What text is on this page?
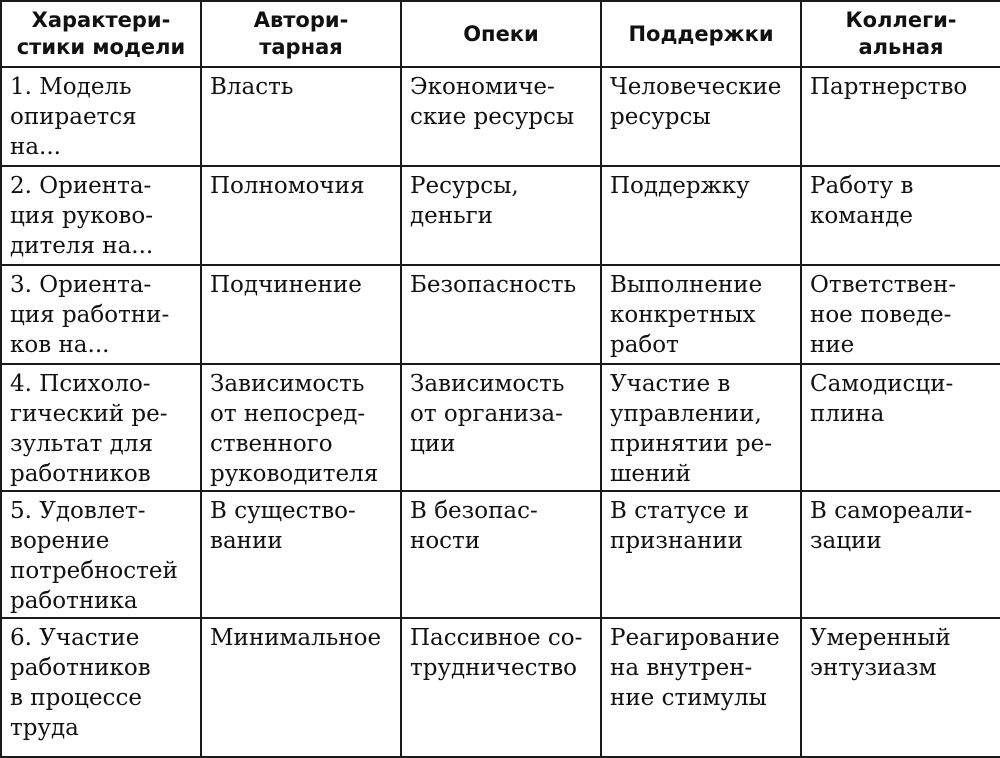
Характери-
стики модели	Автори-
тарная	Опеки	Поддержки	Коллеги-
альная

1. Модель
опирается
на...	Власть	Экономиче-
ские ресурсы	Человеческие
ресурсы	Партнерство

2. Ориента-
ция руково-
дителя на...	Полномочия	Ресурсы,
деньги	Поддержку	Работу в
команде

3. Ориента-
ция работни-
ков на...	Подчинение	Безопасность	Выполнение
конкретных
работ	Ответствен-
ное поведе-
ние

4. Психоло-
гический ре-
зультат для
работников	Зависимость
от непосред-
ственного
руководителя	Зависимость
от организа-
ции	Участие в
управлении,
принятии ре-
шений	Самодисци-
плина

5. Удовлет-
ворение
потребностей
работника	В существо-
вании	В безопас-
ности	В статусе и
признании	В самореали-
зации

6. Участие
работников
в процессе
труда	Минимальное	Пассивное со-
трудничество	Реагирование
на внутрен-
ние стимулы	Умеренный
энтузиазм
